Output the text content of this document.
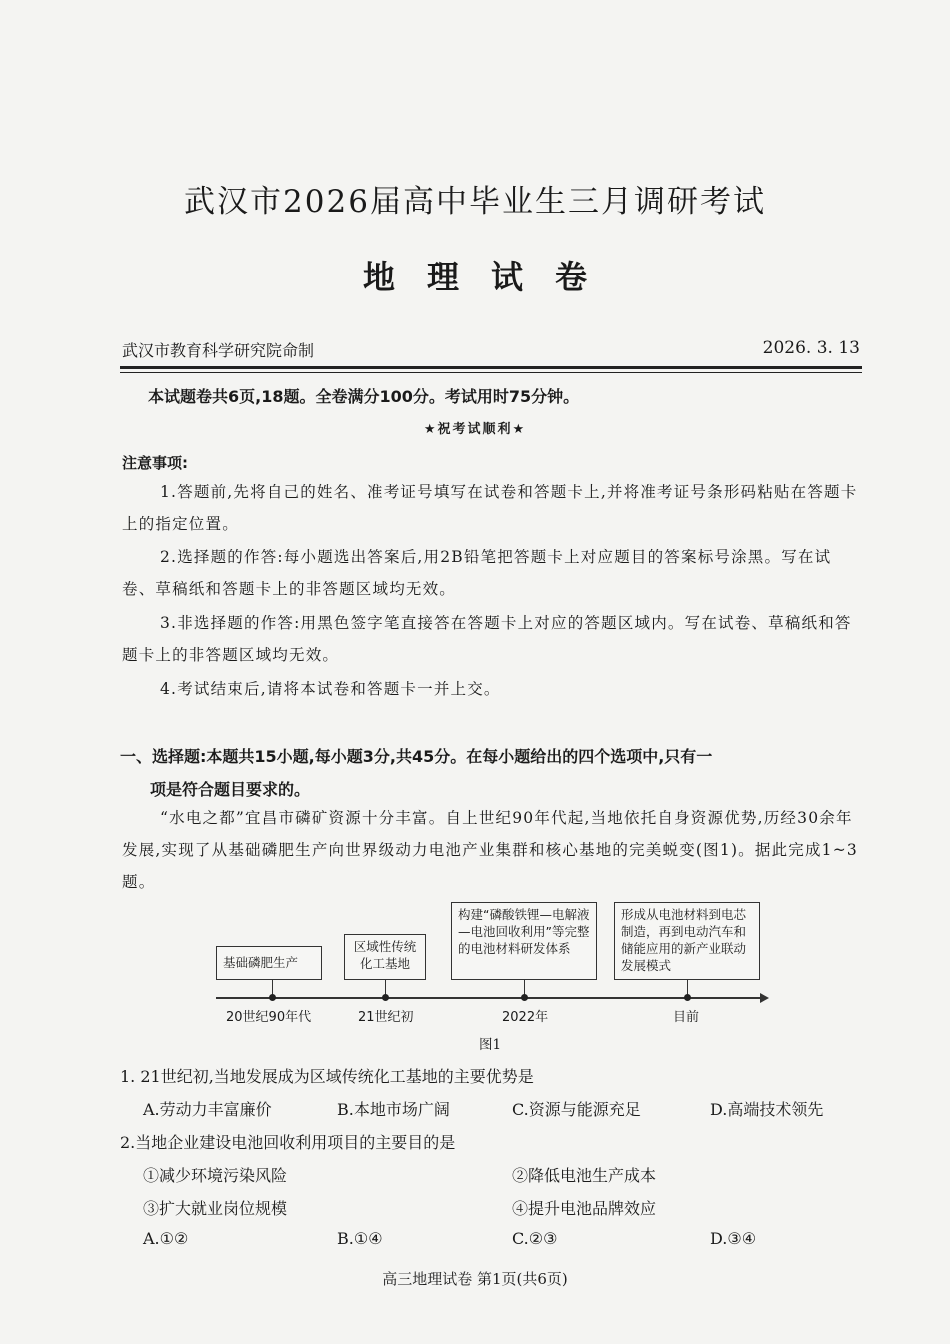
武汉市2026届高中毕业生三月调研考试
地理试卷
武汉市教育科学研究院命制	2026. 3. 13
本试题卷共6页,18题。全卷满分100分。考试用时75分钟。
★祝考试顺利★
注意事项:

1.答题前,先将自己的姓名、准考证号填写在试卷和答题卡上,并将准考证号条形码粘贴在答题卡上的指定位置。

2.选择题的作答:每小题选出答案后,用2B铅笔把答题卡上对应题目的答案标号涂黑。写在试卷、草稿纸和答题卡上的非答题区域均无效。

3.非选择题的作答:用黑色签字笔直接答在答题卡上对应的答题区域内。写在试卷、草稿纸和答题卡上的非答题区域均无效。

4.考试结束后,请将本试卷和答题卡一并上交。

一、选择题:本题共15小题,每小题3分,共45分。在每小题给出的四个选项中,只有一
项是符合题目要求的。

“水电之都”宜昌市磷矿资源十分丰富。自上世纪90年代起,当地依托自身资源优势,历经30余年发展,实现了从基础磷肥生产向世界级动力电池产业集群和核心基地的完美蜕变(图1)。据此完成1~3题。

基础磷肥生产
区域性传统化工基地
构建“磷酸铁锂—电解液—电池回收利用”等完整的电池材料研发体系
形成从电池材料到电芯制造，再到电动汽车和储能应用的新产业联动发展模式
20世纪90年代	21世纪初	2022年	目前
图1
1. 21世纪初,当地发展成为区域传统化工基地的主要优势是
A.劳动力丰富廉价	B.本地市场广阔	C.资源与能源充足	D.高端技术领先
2.当地企业建设电池回收利用项目的主要目的是
①减少环境污染风险	②降低电池生产成本
③扩大就业岗位规模	④提升电池品牌效应
A.①②	B.①④	C.②③	D.③④
高三地理试卷 第1页(共6页)
